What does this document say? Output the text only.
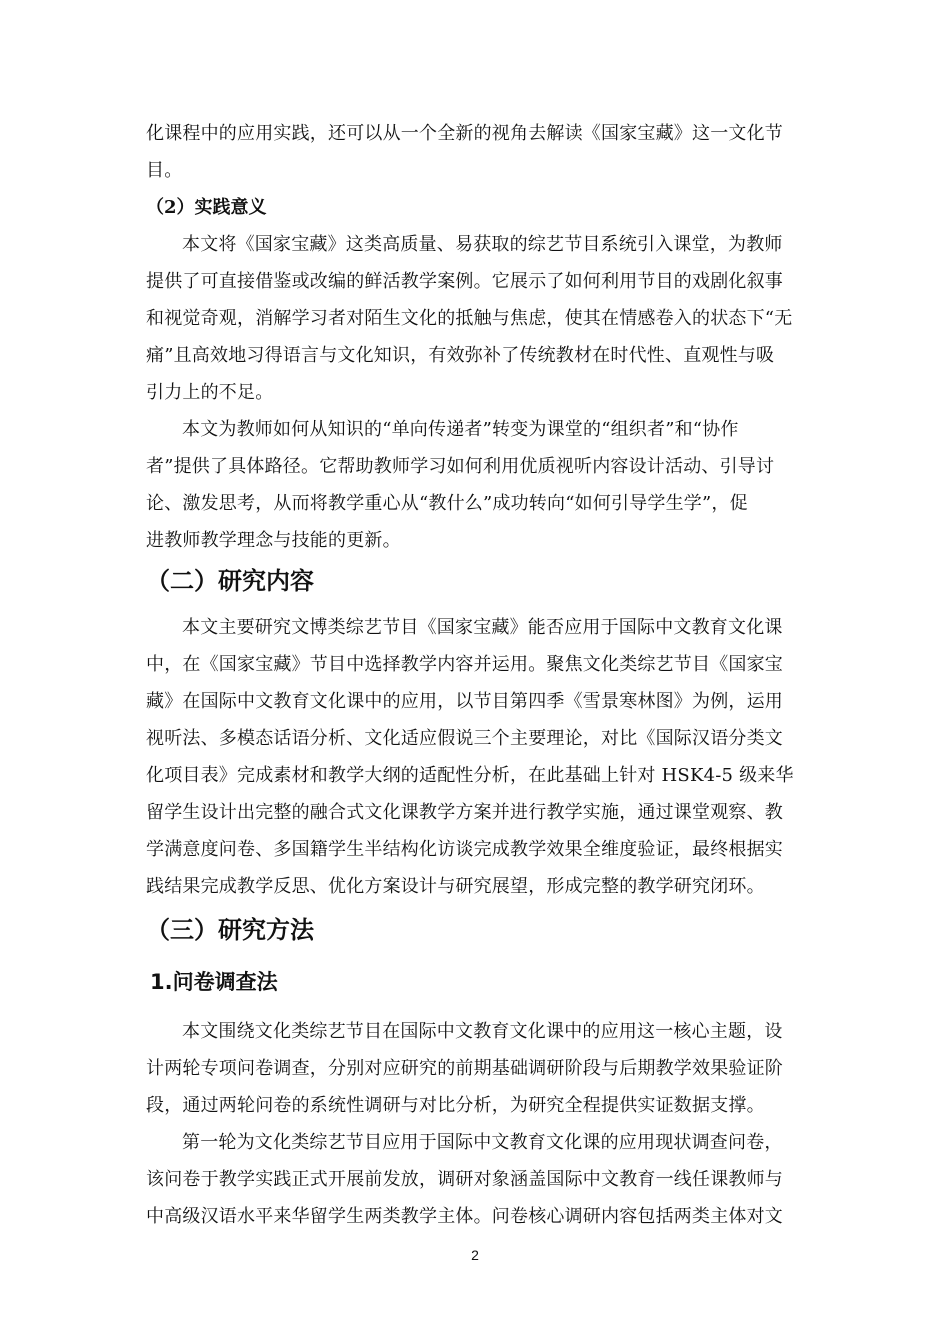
化课程中的应用实践，还可以从一个全新的视角去解读《国家宝藏》这一文化节
目。
（2）实践意义
本文将《国家宝藏》这类高质量、易获取的综艺节目系统引入课堂，为教师
提供了可直接借鉴或改编的鲜活教学案例。它展示了如何利用节目的戏剧化叙事
和视觉奇观，消解学习者对陌生文化的抵触与焦虑，使其在情感卷入的状态下“无
痛”且高效地习得语言与文化知识，有效弥补了传统教材在时代性、直观性与吸
引力上的不足。
本文为教师如何从知识的“单向传递者”转变为课堂的“组织者”和“协作
者”提供了具体路径。它帮助教师学习如何利用优质视听内容设计活动、引导讨
论、激发思考，从而将教学重心从“教什么”成功转向“如何引导学生学”，促
进教师教学理念与技能的更新。
（二）研究内容
本文主要研究文博类综艺节目《国家宝藏》能否应用于国际中文教育文化课
中，在《国家宝藏》节目中选择教学内容并运用。聚焦文化类综艺节目《国家宝
藏》在国际中文教育文化课中的应用，以节目第四季《雪景寒林图》为例，运用
视听法、多模态话语分析、文化适应假说三个主要理论，对比《国际汉语分类文
化项目表》完成素材和教学大纲的适配性分析，在此基础上针对 HSK4-5 级来华
留学生设计出完整的融合式文化课教学方案并进行教学实施，通过课堂观察、教
学满意度问卷、多国籍学生半结构化访谈完成教学效果全维度验证，最终根据实
践结果完成教学反思、优化方案设计与研究展望，形成完整的教学研究闭环。
（三）研究方法
1.问卷调查法
本文围绕文化类综艺节目在国际中文教育文化课中的应用这一核心主题，设
计两轮专项问卷调查，分别对应研究的前期基础调研阶段与后期教学效果验证阶
段，通过两轮问卷的系统性调研与对比分析，为研究全程提供实证数据支撑。
第一轮为文化类综艺节目应用于国际中文教育文化课的应用现状调查问卷，
该问卷于教学实践正式开展前发放，调研对象涵盖国际中文教育一线任课教师与
中高级汉语水平来华留学生两类教学主体。问卷核心调研内容包括两类主体对文
2
